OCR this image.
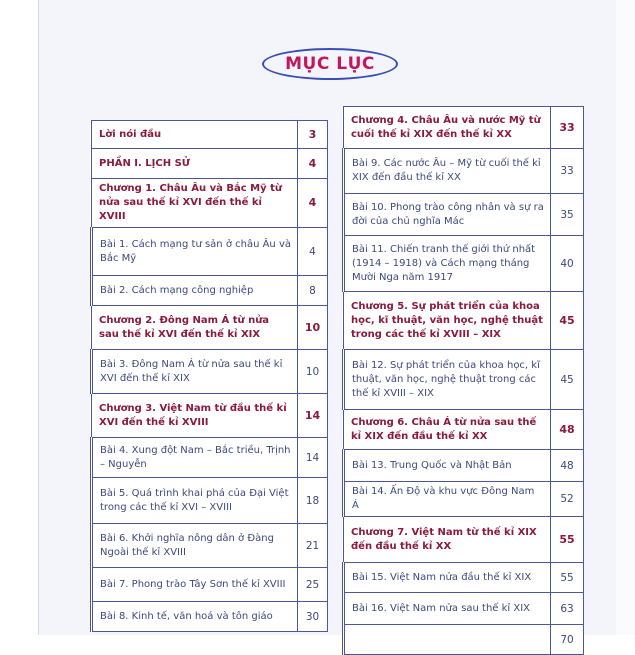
MỤC LỤC
Lời nói đầu	3
PHẦN I. LỊCH SỬ	4
Chương 1. Châu Âu và Bắc Mỹ từ nửa sau thế kỉ XVI đến thế kỉ XVIII	4
Bài 1. Cách mạng tư sản ở châu Âu và Bắc Mỹ	4
Bài 2. Cách mạng công nghiệp	8
Chương 2. Đông Nam Á từ nửa sau thế kỉ XVI đến thế kỉ XIX	10
Bài 3. Đông Nam Á từ nửa sau thế kỉ XVI đến thế kỉ XIX	10
Chương 3. Việt Nam từ đầu thế kỉ XVI đến thế kỉ XVIII	14
Bài 4. Xung đột Nam – Bắc triều, Trịnh – Nguyễn	14
Bài 5. Quá trình khai phá của Đại Việt trong các thế kỉ XVI – XVIII	18
Bài 6. Khởi nghĩa nông dân ở Đàng Ngoài thế kỉ XVIII	21
Bài 7. Phong trào Tây Sơn thế kỉ XVIII	25
Bài 8. Kinh tế, văn hoá và tôn giáo	30
Chương 4. Châu Âu và nước Mỹ từ cuối thế kỉ XIX đến thế kỉ XX	33
Bài 9. Các nước Âu – Mỹ từ cuối thế kỉ XIX đến đầu thế kỉ XX	33
Bài 10. Phong trào công nhân và sự ra đời của chủ nghĩa Mác	35
Bài 11. Chiến tranh thế giới thứ nhất (1914 – 1918) và Cách mạng tháng Mười Nga năm 1917	40
Chương 5. Sự phát triển của khoa học, kĩ thuật, văn học, nghệ thuật trong các thế kỉ XVIII – XIX	45
Bài 12. Sự phát triển của khoa học, kĩ thuật, văn học, nghệ thuật trong các thế kỉ XVIII – XIX	45
Chương 6. Châu Á từ nửa sau thế kỉ XIX đến đầu thế kỉ XX	48
Bài 13. Trung Quốc và Nhật Bản	48
Bài 14. Ấn Độ và khu vực Đông Nam Á	52
Chương 7. Việt Nam từ thế kỉ XIX đến đầu thế kỉ XX	55
Bài 15. Việt Nam nửa đầu thế kỉ XIX	55
Bài 16. Việt Nam nửa sau thế kỉ XIX	63
	70
